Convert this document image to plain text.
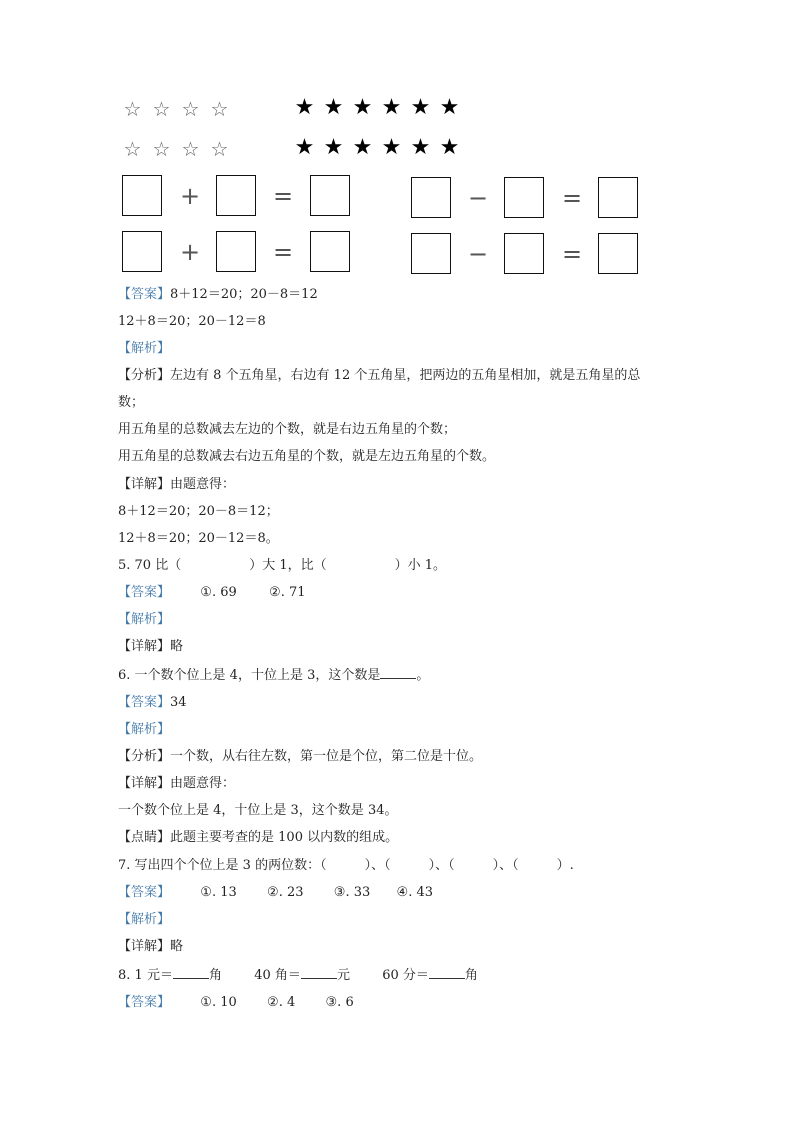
☆ ☆ ☆ ☆	★ ★ ★ ★ ★ ★
☆ ☆ ☆ ☆	★ ★ ★ ★ ★ ★
+	=	−	=
+	=	−	=
【答案】8＋12＝20；20－8＝12
12＋8＝20；20－12＝8
【解析】
【分析】左边有 8 个五角星，右边有 12 个五角星，把两边的五角星相加，就是五角星的总
数；
用五角星的总数减去左边的个数，就是右边五角星的个数；
用五角星的总数减去右边五角星的个数，就是左边五角星的个数。
【详解】由题意得：
8＋12＝20；20－8＝12；
12＋8＝20；20－12＝8。
5. 70 比（	）大 1，比（	）小 1。
【答案】 ①. 69 ②. 71
【解析】
【详解】略
6. 一个数个位上是 4，十位上是 3，这个数是	。
【答案】34
【解析】
【分析】一个数，从右往左数，第一位是个位，第二位是十位。
【详解】由题意得：
一个数个位上是 4，十位上是 3，这个数是 34。
【点睛】此题主要考查的是 100 以内数的组成。
7. 写出四个个位上是 3 的两位数：（	）、（	）、（	）、（	）.
【答案】 ①. 13 ②. 23 ③. 33 ④. 43
【解析】
【详解】略
8. 1 元＝	角 40 角＝	元 60 分＝	角
【答案】 ①. 10 ②. 4 ③. 6
